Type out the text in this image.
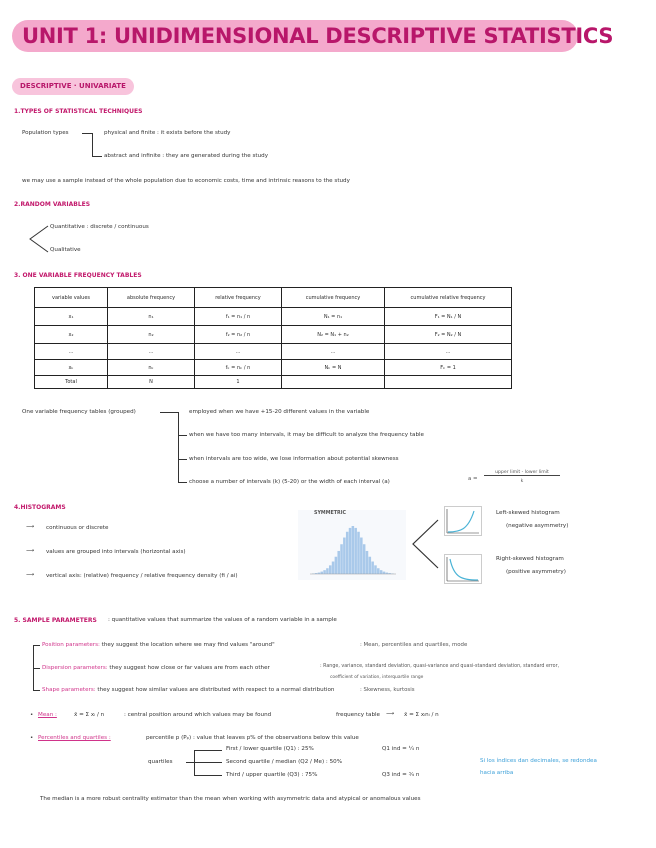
UNIT 1: UNIDIMENSIONAL DESCRIPTIVE STATISTICS
DESCRIPTIVE · UNIVARIATE
1.TYPES OF STATISTICAL TECHNIQUES
Population types	physical and finite : it exists before the study
abstract and infinite : they are generated during the study
we may use a sample instead of the whole population due to economic costs, time and intrinsic reasons to the study
2.RANDOM VARIABLES
Quantitative : discrete / continuous
Qualitative
3. ONE VARIABLE FREQUENCY TABLES
variable values	absolute frequency	relative frequency	cumulative frequency	cumulative relative frequency
x₁	n₁	f₁ = n₁ / n	N₁ = n₁	F₁ = N₁ / N
x₂	n₂	f₂ = n₂ / n	N₂ = N₁ + n₂	F₂ = N₂ / N
...	...	...	...	...
xₖ	nₖ	fₖ = nₖ / n	Nₖ = N	Fₖ = 1
Total	N	1		
One variable frequency tables (grouped)	employed when we have +15-20 different values in the variable
when we have too many intervals, it may be difficult to analyze the frequency table
when intervals are too wide, we lose information about potential skewness
choose a number of intervals (k) (5-20) or the width of each interval (a)	a =
upper limit - lower limit
k
4.HISTOGRAMS
⟶ continuous or discrete
⟶ values are grouped into intervals (horizontal axis)
⟶ vertical axis: (relative) frequency / relative frequency density (fi / ai)
SYMMETRIC	Left-skewed histogram
(negative asymmetry)
Right-skewed histogram
(positive asymmetry)
5. SAMPLE PARAMETERS : quantitative values that summarize the values of a random variable in a sample
Position parameters: they suggest the location where we may find values "around"	: Mean, percentiles and quartiles, mode
Dispersion parameters: they suggest how close or far values are from each other	: Range, variance, standard deviation, quasi-variance and quasi-standard deviation, standard error,
coefficient of variation, interquartile range
Shape parameters: they suggest how similar values are distributed with respect to a normal distribution	: Skewness, kurtosis
• Mean :	x̄ = Σ xᵢ / n	: central position around which values may be found	frequency table ⟶ x̄ = Σ xᵢnᵢ / n
• Percentiles and quartiles :	percentile p (Pₚ) : value that leaves p% of the observations below this value
quartiles
First / lower quartile (Q1) : 25%	Q1 ind = ¼ n
Second quartile / median (Q2 / Me) : 50%
Third / upper quartile (Q3) : 75%	Q3 ind = ¾ n
Si los índices dan decimales, se redondea
hacia arriba
The median is a more robust centrality estimator than the mean when working with asymmetric data and atypical or anomalous values
